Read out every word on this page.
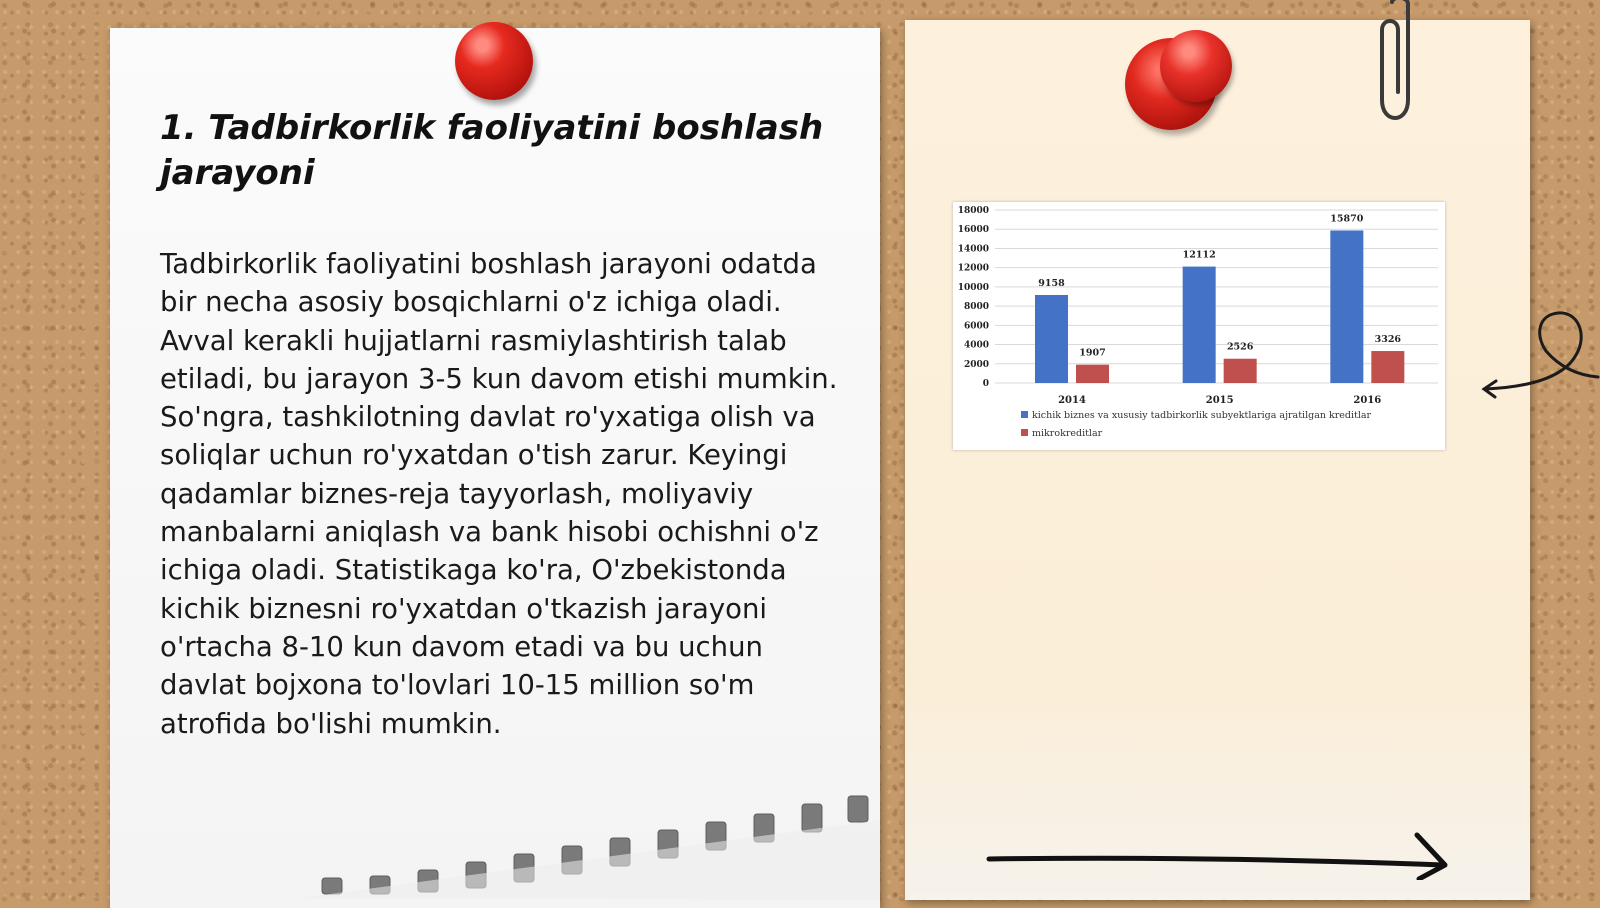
1. Tadbirkorlik faoliyatini boshlash jarayoni

Tadbirkorlik faoliyatini boshlash jarayoni odatda bir necha asosiy bosqichlarni o'z ichiga oladi. Avval kerakli hujjatlarni rasmiylashtirish talab etiladi, bu jarayon 3-5 kun davom etishi mumkin. So'ngra, tashkilotning davlat ro'yxatiga olish va soliqlar uchun ro'yxatdan o'tish zarur. Keyingi qadamlar biznes-reja tayyorlash, moliyaviy manbalarni aniqlash va bank hisobi ochishni o'z ichiga oladi. Statistikaga ko'ra, O'zbekistonda kichik biznesni ro'yxatdan o'tkazish jarayoni o'rtacha 8-10 kun davom etadi va bu uchun davlat bojxona to'lovlari 10-15 million so'm atrofida bo'lishi mumkin.

0
2000
4000
6000
8000
10000
12000
14000
16000
18000
9158
1907
2014
12112
2526
2015
15870
3326
2016
kichik biznes va xususiy tadbirkorlik subyektlariga ajratilgan kreditlar
mikrokreditlar
